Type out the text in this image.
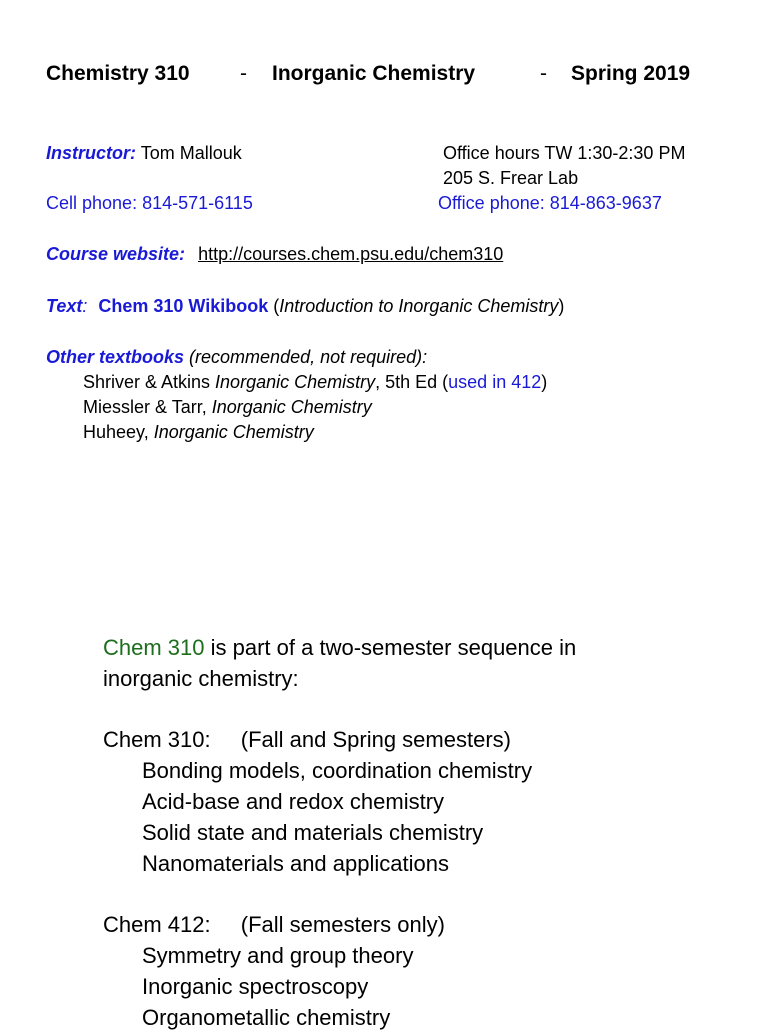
Chemistry 310 - Inorganic Chemistry	- Spring 2019
Instructor: Tom Mallouk	Office hours TW 1:30-2:30 PM
205 S. Frear Lab
Cell phone: 814-571-6115	Office phone: 814-863-9637
Course website: http://courses.chem.psu.edu/chem310
Text: Chem 310 Wikibook (Introduction to Inorganic Chemistry)
Other textbooks (recommended, not required):
Shriver & Atkins Inorganic Chemistry, 5th Ed (used in 412)
Miessler & Tarr, Inorganic Chemistry
Huheey, Inorganic Chemistry
Chem 310 is part of a two-semester sequence in
inorganic chemistry:
Chem 310: (Fall and Spring semesters)
Bonding models, coordination chemistry
Acid-base and redox chemistry
Solid state and materials chemistry
Nanomaterials and applications
Chem 412: (Fall semesters only)
Symmetry and group theory
Inorganic spectroscopy
Organometallic chemistry
